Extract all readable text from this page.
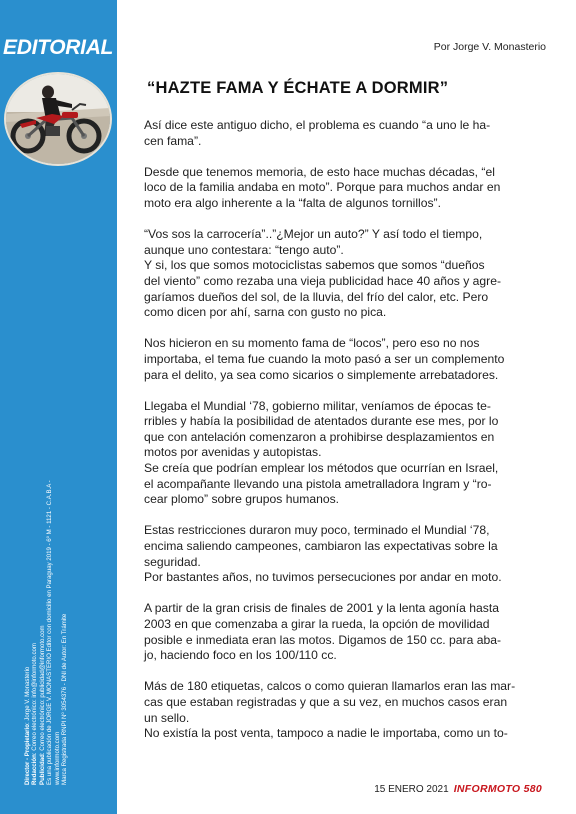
EDITORIAL
Director - Propietario: Jorge V. Monasterio
Redacción: Correo electrónico: info@informoto.com
Publicidad: Correo electrónico: publicidad@informoto.com Es una publicación de JORGE V. MONASTERIO Editor con domicilio en Paraguay 2019 - 6º M - 1121 - C.A.B.A - www.informoto.com Marca Registrada RNPI Nº 3054376 - DNI de Autor: En Trámite
Por Jorge V. Monasterio
“HAZTE FAMA Y ÉCHATE A DORMIR”

Así dice este antiguo dicho, el problema es cuando “a uno le ha-
cen fama”.

Desde que tenemos memoria, de esto hace muchas décadas, “el
loco de la familia andaba en moto”. Porque para muchos andar en
moto era algo inherente a la “falta de algunos tornillos”.

“Vos sos la carrocería”..”¿Mejor un auto?” Y así todo el tiempo,
aunque uno contestara: “tengo auto”.
Y si, los que somos motociclistas sabemos que somos “dueños
del viento” como rezaba una vieja publicidad hace 40 años y agre-
garíamos dueños del sol, de la lluvia, del frío del calor, etc. Pero
como dicen por ahí, sarna con gusto no pica.

Nos hicieron en su momento fama de “locos”, pero eso no nos
importaba, el tema fue cuando la moto pasó a ser un complemento
para el delito, ya sea como sicarios o simplemente arrebatadores.

Llegaba el Mundial ‘78, gobierno militar, veníamos de épocas te-
rribles y había la posibilidad de atentados durante ese mes, por lo
que con antelación comenzaron a prohibirse desplazamientos en
motos por avenidas y autopistas.
Se creía que podrían emplear los métodos que ocurrían en Israel,
el acompañante llevando una pistola ametralladora Ingram y “ro-
cear plomo” sobre grupos humanos.

Estas restricciones duraron muy poco, terminado el Mundial ‘78,
encima saliendo campeones, cambiaron las expectativas sobre la
seguridad.
Por bastantes años, no tuvimos persecuciones por andar en moto.

A partir de la gran crisis de finales de 2001 y la lenta agonía hasta
2003 en que comenzaba a girar la rueda, la opción de movilidad
posible e inmediata eran las motos. Digamos de 150 cc. para aba-
jo, haciendo foco en los 100/110 cc.

Más de 180 etiquetas, calcos o como quieran llamarlos eran las mar-
cas que estaban registradas y que a su vez, en muchos casos eran
un sello.
No existía la post venta, tampoco a nadie le importaba, como un to-

15 ENERO 2021 INFORMOTO 580
